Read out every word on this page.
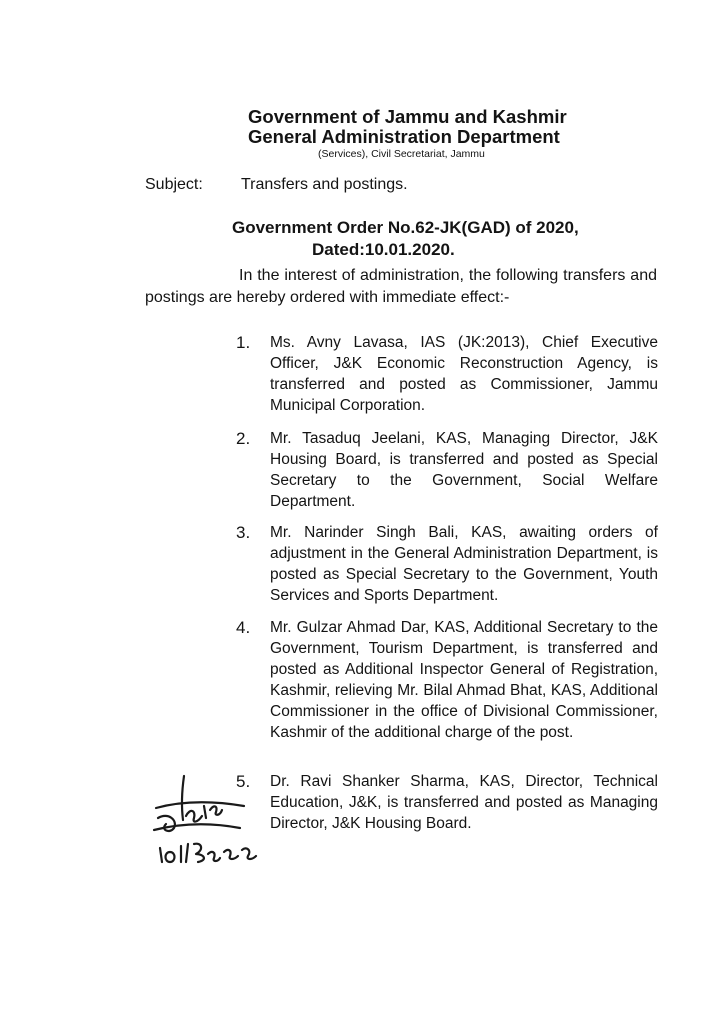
Government of Jammu and Kashmir
General Administration Department
(Services), Civil Secretariat, Jammu
Subject: Transfers and postings.
Government Order No.62-JK(GAD) of 2020,
Dated:10.01.2020.
In the interest of administration, the following transfers and postings are hereby ordered with immediate effect:-
1. Ms. Avny Lavasa, IAS (JK:2013), Chief Executive Officer, J&K Economic Reconstruction Agency, is transferred and posted as Commissioner, Jammu Municipal Corporation.
2. Mr. Tasaduq Jeelani, KAS, Managing Director, J&K Housing Board, is transferred and posted as Special Secretary to the Government, Social Welfare Department.
3. Mr. Narinder Singh Bali, KAS, awaiting orders of adjustment in the General Administration Department, is posted as Special Secretary to the Government, Youth Services and Sports Department.
4. Mr. Gulzar Ahmad Dar, KAS, Additional Secretary to the Government, Tourism Department, is transferred and posted as Additional Inspector General of Registration, Kashmir, relieving Mr. Bilal Ahmad Bhat, KAS, Additional Commissioner in the office of Divisional Commissioner, Kashmir of the additional charge of the post.
5. Dr. Ravi Shanker Sharma, KAS, Director, Technical Education, J&K, is transferred and posted as Managing Director, J&K Housing Board.
